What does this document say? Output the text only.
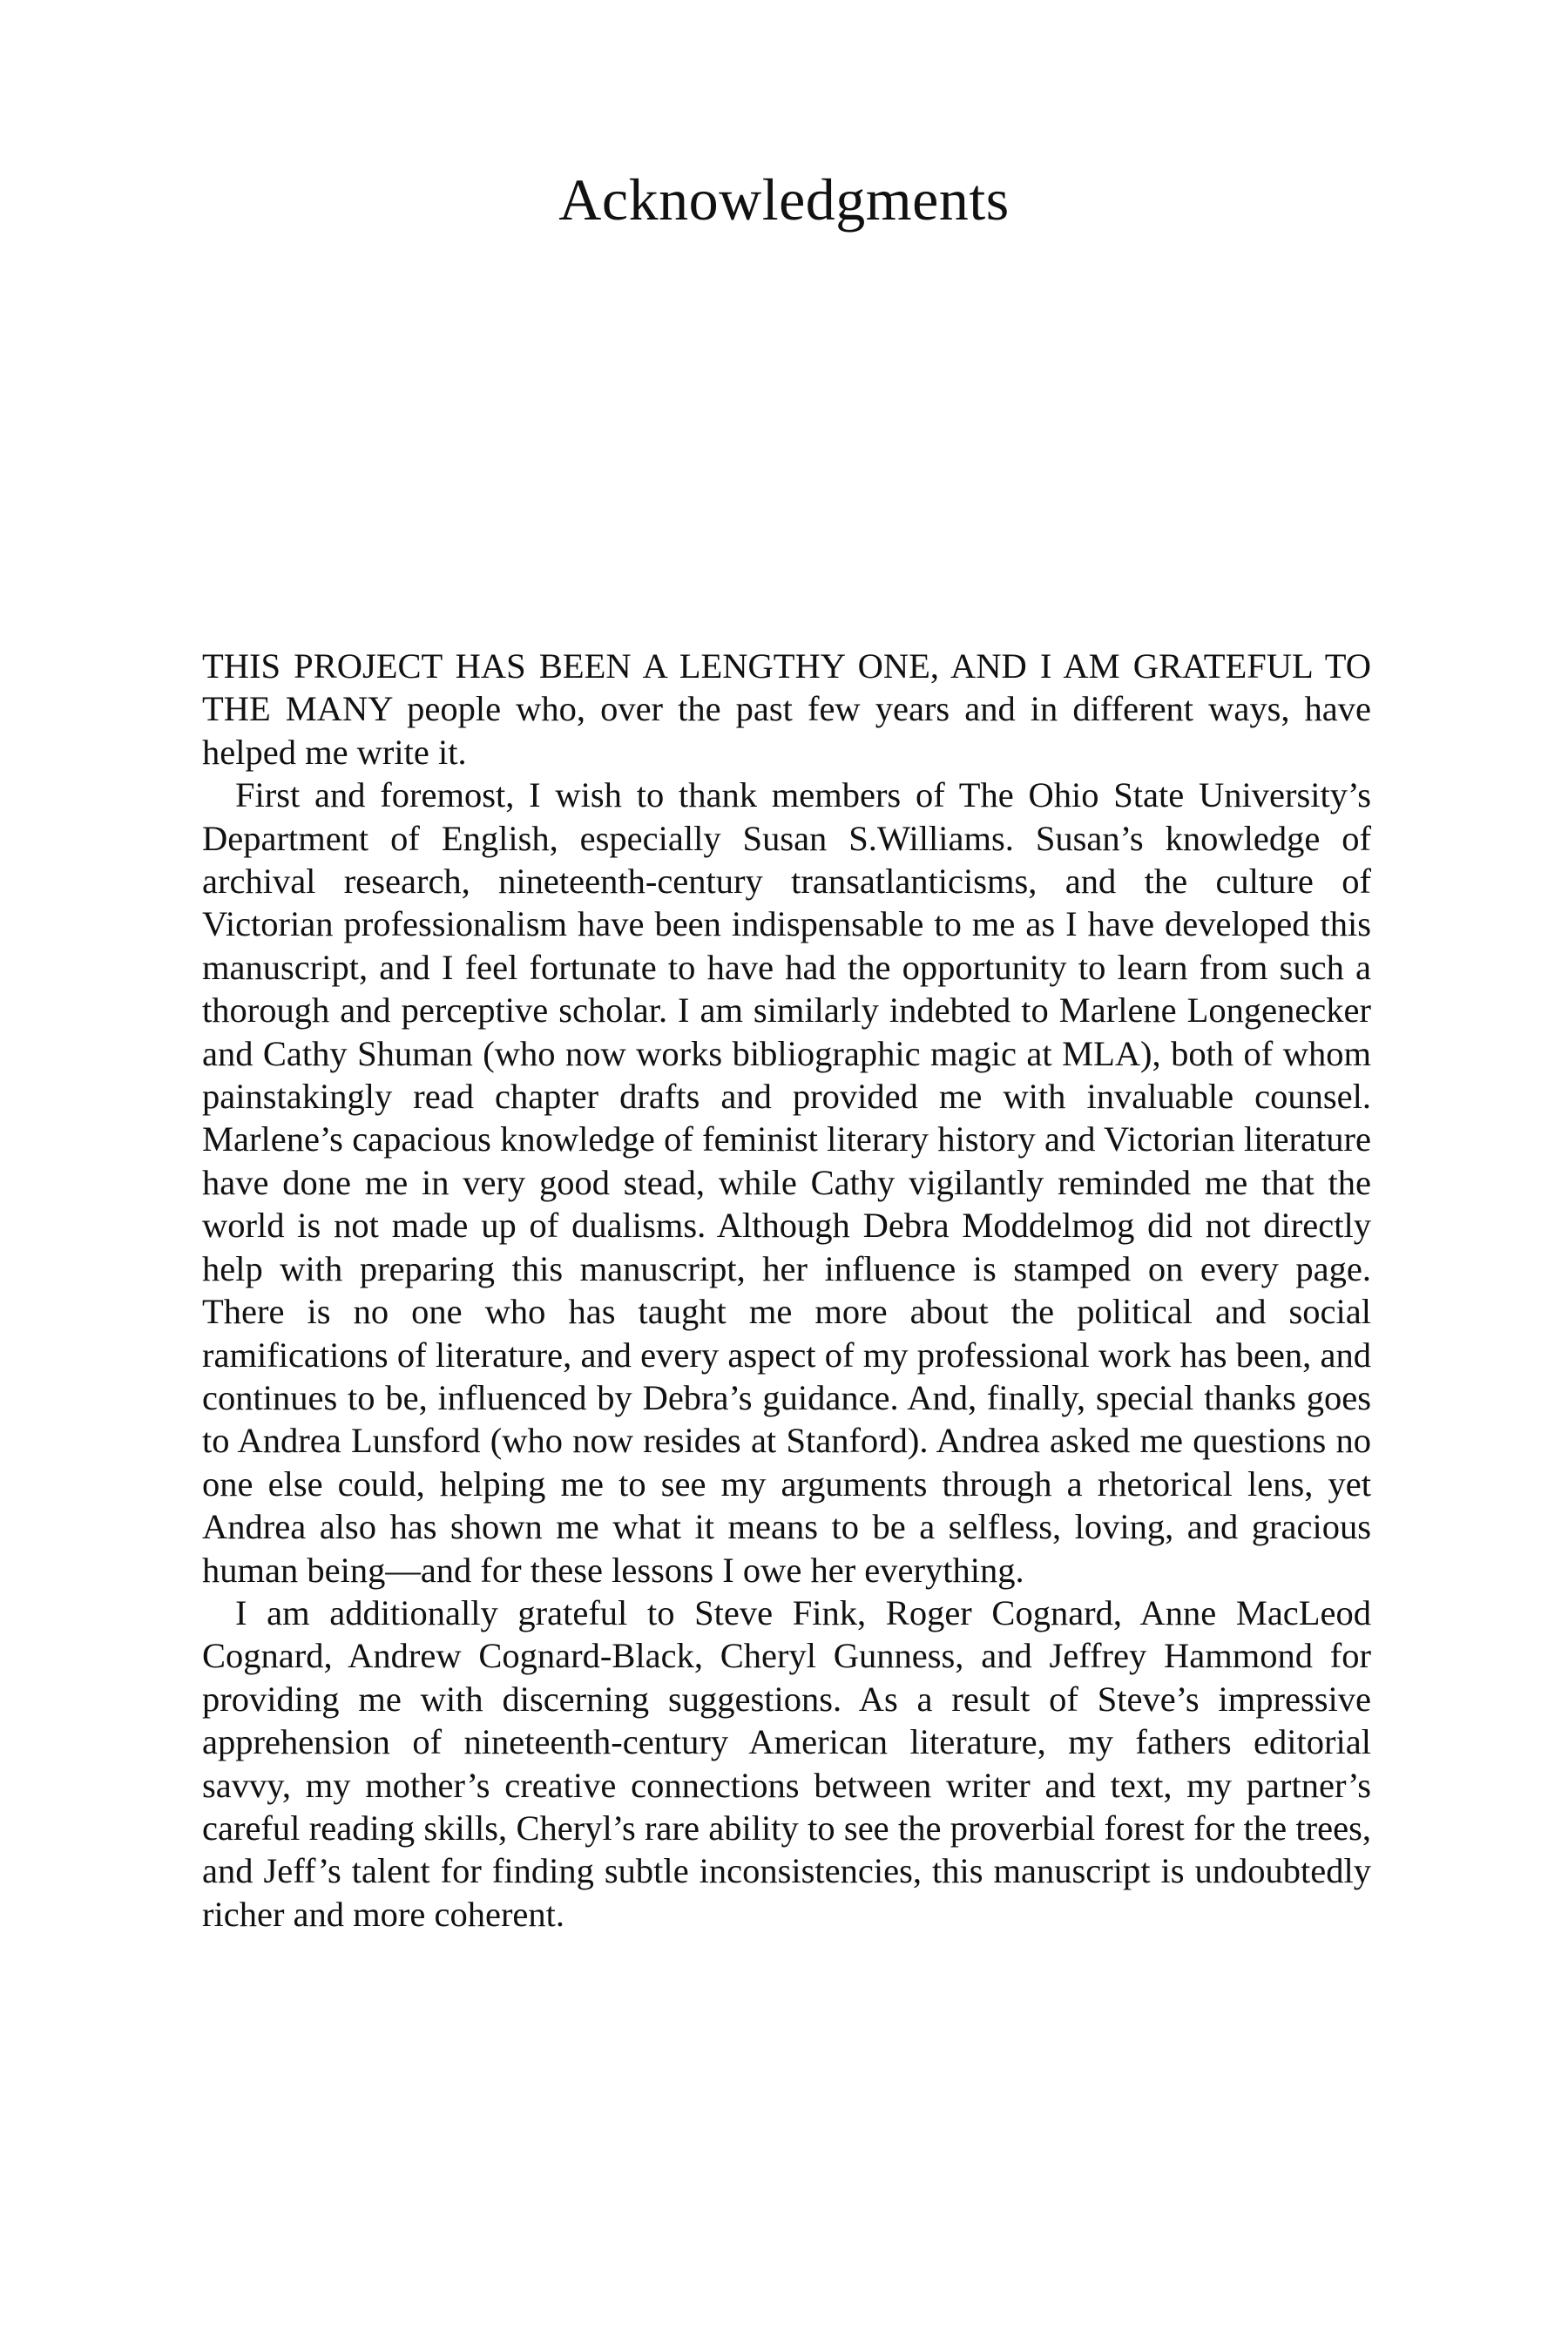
Acknowledgments

THIS PROJECT HAS BEEN A LENGTHY ONE, AND I AM GRATEFUL TO THE MANY people who, over the past few years and in different ways, have helped me write it.

First and foremost, I wish to thank members of The Ohio State University’s Department of English, especially Susan S.Williams. Susan’s knowledge of archival research, nineteenth-century transatlanticisms, and the culture of Victorian professionalism have been indispensable to me as I have developed this manuscript, and I feel fortunate to have had the opportunity to learn from such a thorough and perceptive scholar. I am similarly indebted to Marlene Longenecker and Cathy Shuman (who now works bibliographic magic at MLA), both of whom painstakingly read chapter drafts and provided me with invaluable counsel. Marlene’s capacious knowledge of feminist literary history and Victorian literature have done me in very good stead, while Cathy vigilantly reminded me that the world is not made up of dualisms. Although Debra Moddelmog did not directly help with preparing this manuscript, her influence is stamped on every page. There is no one who has taught me more about the political and social ramifications of literature, and every aspect of my professional work has been, and continues to be, influenced by Debra’s guidance. And, finally, special thanks goes to Andrea Lunsford (who now resides at Stanford). Andrea asked me questions no one else could, helping me to see my arguments through a rhetorical lens, yet Andrea also has shown me what it means to be a selfless, loving, and gracious human being—and for these lessons I owe her everything.

I am additionally grateful to Steve Fink, Roger Cognard, Anne MacLeod Cognard, Andrew Cognard-Black, Cheryl Gunness, and Jeffrey Hammond for providing me with discerning suggestions. As a result of Steve’s impressive apprehension of nineteenth-century American literature, my fathers editorial savvy, my mother’s creative connections between writer and text, my partner’s careful reading skills, Cheryl’s rare ability to see the proverbial forest for the trees, and Jeff’s talent for finding subtle inconsistencies, this manuscript is undoubtedly richer and more coherent.
